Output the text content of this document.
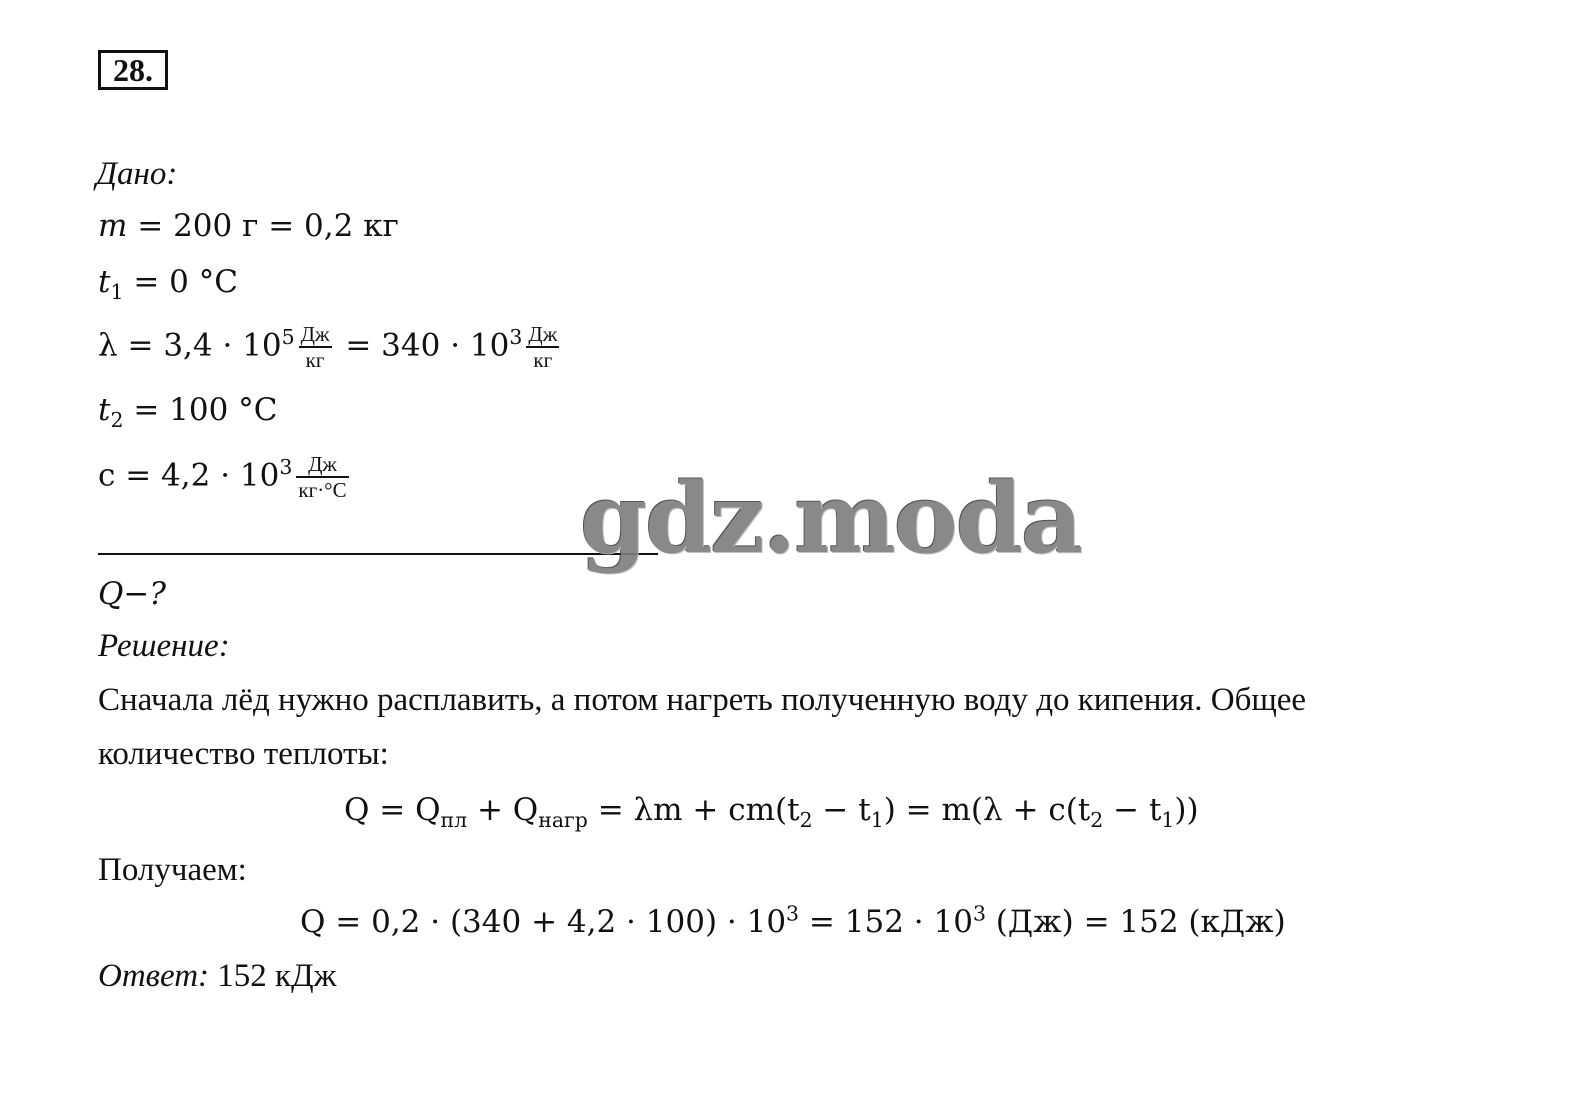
28.
Дано:
m = 200 г = 0,2 кг
$t_1 = 0$ °C
$\lambda = 3,4 \cdot 10^5 \frac{Дж}{кг} = 340 \cdot 10^3 \frac{Дж}{кг}$
$t_2 = 100$ °C
$c = 4,2 \cdot 10^3 \frac{Дж}{кг\cdot^\circ C}$ gdz.moda
Q−?
Решение:
Сначала лёд нужно расплавить, а потом нагреть полученную воду до кипения. Общее
количество теплоты:
$Q = Q_{пл} + Q_{нагр} = \lambda m + cm(t_2 - t_1) = m(\lambda + c(t_2 - t_1))$
Получаем:
$Q = 0,2 \cdot (340 + 4,2 \cdot 100) \cdot 10^3 = 152 \cdot 10^3$ (Дж) = 152 (кДж)
Ответ: 152 кДж
